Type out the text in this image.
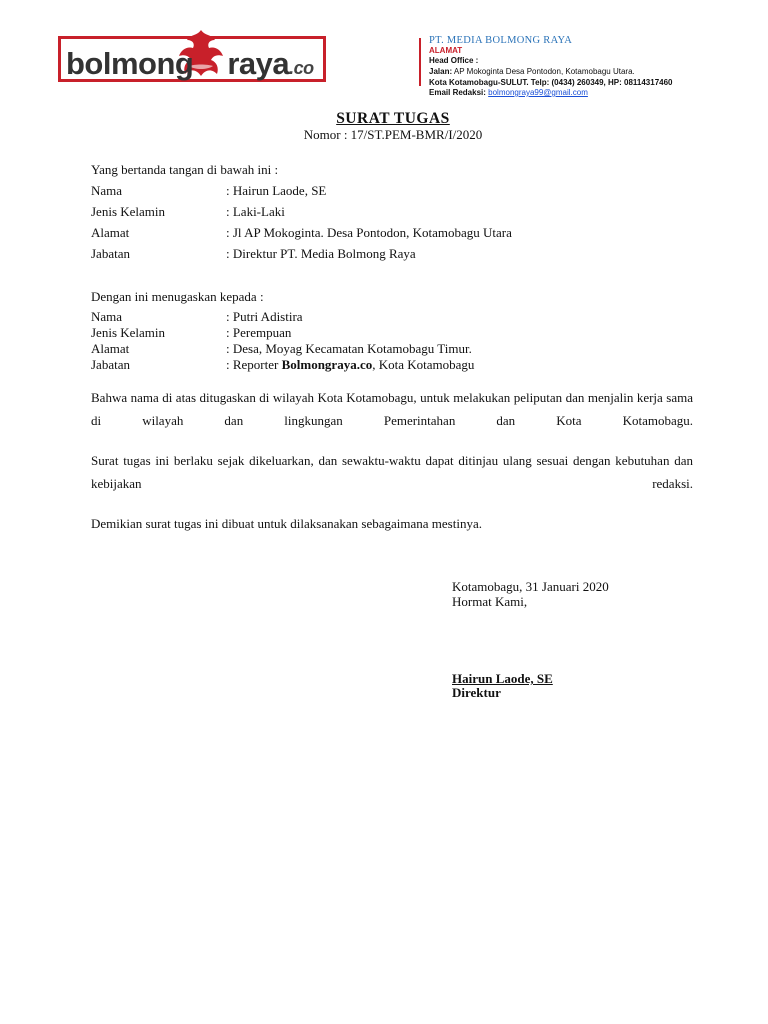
bolmong raya.co
PT. MEDIA BOLMONG RAYA
ALAMAT
Head Office :
Jalan: AP Mokoginta Desa Pontodon, Kotamobagu Utara.
Kota Kotamobagu-SULUT. Telp: (0434) 260349, HP: 08114317460
Email Redaksi: bolmongraya99@gmail.com
SURAT TUGAS
Nomor : 17/ST.PEM-BMR/I/2020
Yang bertanda tangan di bawah ini :
Nama	: Hairun Laode, SE
Jenis Kelamin	: Laki-Laki
Alamat	: Jl AP Mokoginta. Desa Pontodon, Kotamobagu Utara
Jabatan	: Direktur PT. Media Bolmong Raya
Dengan ini menugaskan kepada :
Nama	: Putri Adistira
Jenis Kelamin	: Perempuan
Alamat	: Desa, Moyag Kecamatan Kotamobagu Timur.
Jabatan	: Reporter Bolmongraya.co, Kota Kotamobagu
Bahwa nama di atas ditugaskan di wilayah Kota Kotamobagu, untuk melakukan peliputan dan menjalin kerja sama di wilayah dan lingkungan Pemerintahan dan Kota Kotamobagu.
Surat tugas ini berlaku sejak dikeluarkan, dan sewaktu-waktu dapat ditinjau ulang sesuai dengan kebutuhan dan kebijakan redaksi.
Demikian surat tugas ini dibuat untuk dilaksanakan sebagaimana mestinya.
Kotamobagu, 31 Januari 2020
Hormat Kami,
Hairun Laode, SE
Direktur
